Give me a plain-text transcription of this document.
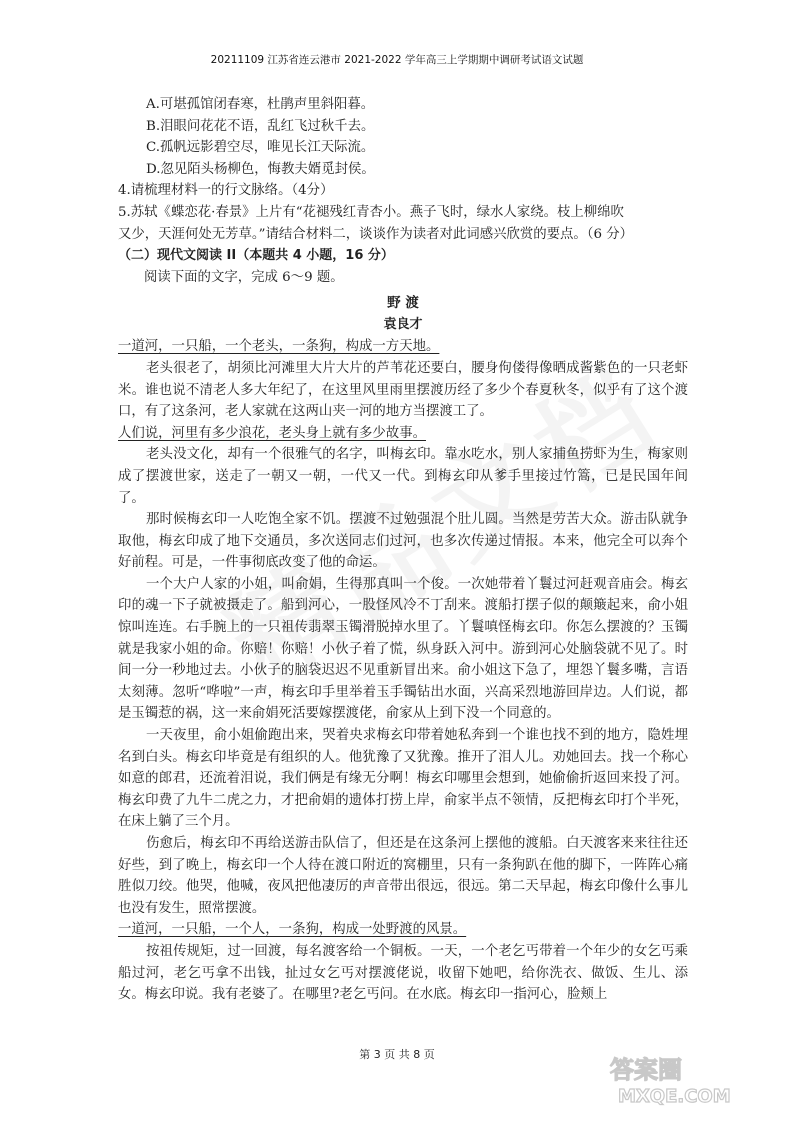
20211109 江苏省连云港市 2021-2022 学年高三上学期期中调研考试语文试题
A.可堪孤馆闭春寒，杜鹃声里斜阳暮。
B.泪眼问花花不语，乱红飞过秋千去。
C.孤帆远影碧空尽，唯见长江天际流。
D.忽见陌头杨柳色，悔教夫婿觅封侯。
4.请梳理材料一的行文脉络。（4分）
5.苏轼《蝶恋花·春景》上片有“花褪残红青杏小。燕子飞时，绿水人家绕。枝上柳绵吹
又少，天涯何处无芳草。”请结合材料二，谈谈作为读者对此词感兴欣赏的要点。（6 分）
（二）现代文阅读 II（本题共 4 小题，16 分）
阅读下面的文字，完成 6～9 题。
野 渡
袁良才
一道河，一只船，一个老头，一条狗，构成一方天地。
老头很老了，胡须比河滩里大片大片的芦苇花还要白，腰身佝偻得像晒成酱紫色的一只老虾米。谁也说不清老人多大年纪了，在这里风里雨里摆渡历经了多少个春夏秋冬，似乎有了这个渡口，有了这条河，老人家就在这两山夹一河的地方当摆渡工了。
人们说，河里有多少浪花，老头身上就有多少故事。
老头没文化，却有一个很雅气的名字，叫梅玄印。靠水吃水，别人家捕鱼捞虾为生，梅家则成了摆渡世家，送走了一朝又一朝，一代又一代。到梅玄印从爹手里接过竹篙，已是民国年间了。
那时候梅玄印一人吃饱全家不饥。摆渡不过勉强混个肚儿圆。当然是劳苦大众。游击队就争取他，梅玄印成了地下交通员，多次送同志们过河，也多次传递过情报。本来，他完全可以奔个好前程。可是，一件事彻底改变了他的命运。
一个大户人家的小姐，叫俞娟，生得那真叫一个俊。一次她带着丫鬟过河赶观音庙会。梅玄印的魂一下子就被摄走了。船到河心，一股怪风冷不丁刮来。渡船打摆子似的颠簸起来，俞小姐惊叫连连。右手腕上的一只祖传翡翠玉镯滑脱掉水里了。丫鬟嗔怪梅玄印。你怎么摆渡的？玉镯就是我家小姐的命。你赔！你赔！小伙子着了慌，纵身跃入河中。游到河心处脑袋就不见了。时间一分一秒地过去。小伙子的脑袋迟迟不见重新冒出来。俞小姐这下急了，埋怨丫鬟多嘴，言语太刻薄。忽听“哗啦”一声，梅玄印手里举着玉手镯钻出水面，兴高采烈地游回岸边。人们说，都是玉镯惹的祸，这一来俞娟死活要嫁摆渡佬，俞家从上到下没一个同意的。
一天夜里，俞小姐偷跑出来，哭着央求梅玄印带着她私奔到一个谁也找不到的地方，隐姓埋名到白头。梅玄印毕竟是有组织的人。他犹豫了又犹豫。推开了泪人儿。劝她回去。找一个称心如意的郎君，还流着泪说，我们俩是有缘无分啊！梅玄印哪里会想到，她偷偷折返回来投了河。梅玄印费了九牛二虎之力，才把俞娟的遗体打捞上岸，俞家半点不领情，反把梅玄印打个半死，在床上躺了三个月。
伤愈后，梅玄印不再给送游击队信了，但还是在这条河上摆他的渡船。白天渡客来来往往还好些，到了晚上，梅玄印一个人待在渡口附近的窝棚里，只有一条狗趴在他的脚下，一阵阵心痛胜似刀绞。他哭，他喊，夜风把他凄厉的声音带出很远，很远。第二天早起，梅玄印像什么事儿也没有发生，照常摆渡。
一道河，一只船，一个人，一条狗，构成一处野渡的风景。
按祖传规矩，过一回渡，每名渡客给一个铜板。一天，一个老乞丐带着一个年少的女乞丐乘船过河，老乞丐拿不出钱，扯过女乞丐对摆渡佬说，收留下她吧，给你洗衣、做饭、生儿、添女。梅玄印说。我有老婆了。在哪里?老乞丐问。在水底。梅玄印一指河心，脸颊上
第 3 页 共 8 页
答案圈
MXQE.COM
